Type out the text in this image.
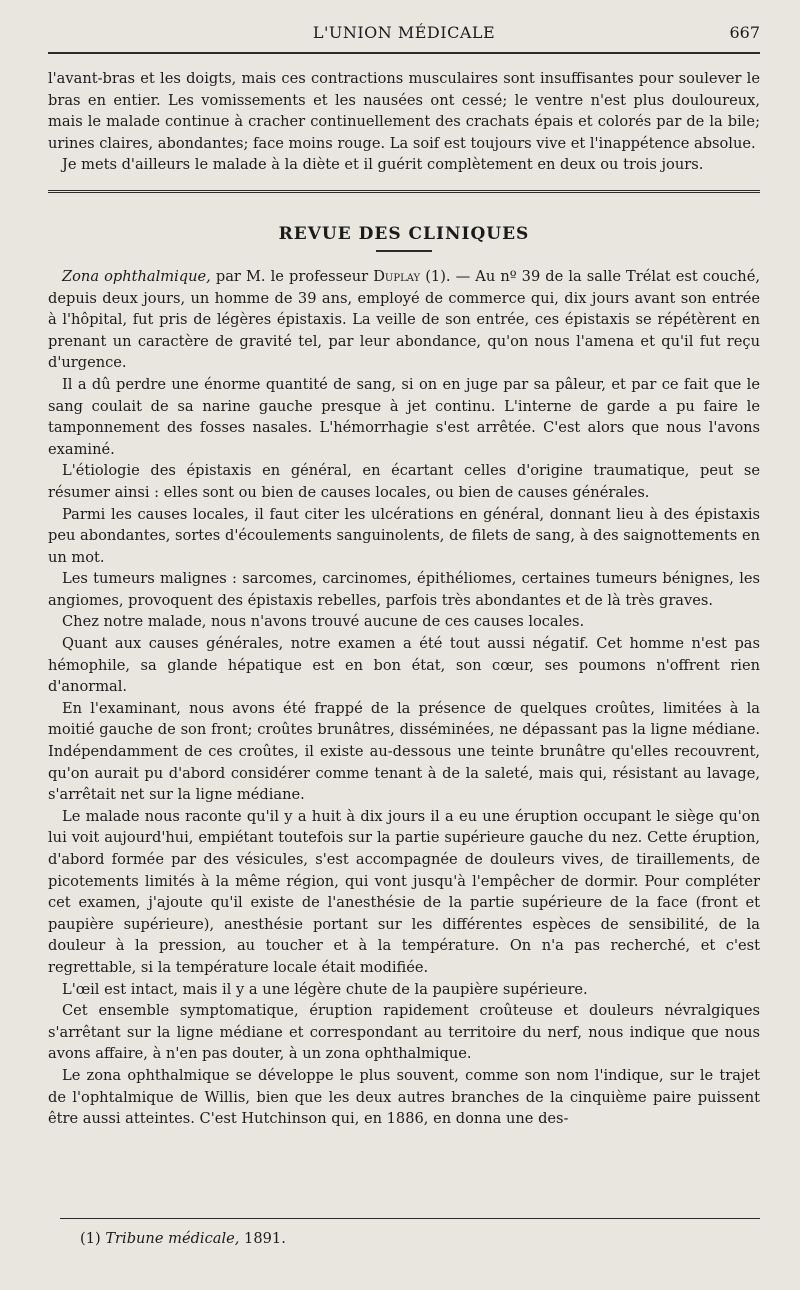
L'UNION MÉDICALE	667

l'avant-bras et les doigts, mais ces contractions musculaires sont insuffisantes pour soulever le bras en entier. Les vomissements et les nausées ont cessé; le ventre n'est plus douloureux, mais le malade continue à cracher continuellement des crachats épais et colorés par de la bile; urines claires, abondantes; face moins rouge. La soif est toujours vive et l'inappétence absolue.

Je mets d'ailleurs le malade à la diète et il guérit complètement en deux ou trois jours.

REVUE DES CLINIQUES

Zona ophthalmique, par M. le professeur Duplay (1). — Au nº 39 de la salle Trélat est couché, depuis deux jours, un homme de 39 ans, employé de commerce qui, dix jours avant son entrée à l'hôpital, fut pris de légères épistaxis. La veille de son entrée, ces épistaxis se répétèrent en prenant un caractère de gravité tel, par leur abondance, qu'on nous l'amena et qu'il fut reçu d'urgence.

Il a dû perdre une énorme quantité de sang, si on en juge par sa pâleur, et par ce fait que le sang coulait de sa narine gauche presque à jet continu. L'interne de garde a pu faire le tamponnement des fosses nasales. L'hémorrhagie s'est arrêtée. C'est alors que nous l'avons examiné.

L'étiologie des épistaxis en général, en écartant celles d'origine traumatique, peut se résumer ainsi : elles sont ou bien de causes locales, ou bien de causes générales.

Parmi les causes locales, il faut citer les ulcérations en général, donnant lieu à des épistaxis peu abondantes, sortes d'écoulements sanguinolents, de filets de sang, à des saignottements en un mot.

Les tumeurs malignes : sarcomes, carcinomes, épithéliomes, certaines tumeurs bénignes, les angiomes, provoquent des épistaxis rebelles, parfois très abondantes et de là très graves.

Chez notre malade, nous n'avons trouvé aucune de ces causes locales.

Quant aux causes générales, notre examen a été tout aussi négatif. Cet homme n'est pas hémophile, sa glande hépatique est en bon état, son cœur, ses poumons n'offrent rien d'anormal.

En l'examinant, nous avons été frappé de la présence de quelques croûtes, limitées à la moitié gauche de son front; croûtes brunâtres, disséminées, ne dépassant pas la ligne médiane. Indépendamment de ces croûtes, il existe au-dessous une teinte brunâtre qu'elles recouvrent, qu'on aurait pu d'abord considérer comme tenant à de la saleté, mais qui, résistant au lavage, s'arrêtait net sur la ligne médiane.

Le malade nous raconte qu'il y a huit à dix jours il a eu une éruption occupant le siège qu'on lui voit aujourd'hui, empiétant toutefois sur la partie supérieure gauche du nez. Cette éruption, d'abord formée par des vésicules, s'est accompagnée de douleurs vives, de tiraillements, de picotements limités à la même région, qui vont jusqu'à l'empêcher de dormir. Pour compléter cet examen, j'ajoute qu'il existe de l'anesthésie de la partie supérieure de la face (front et paupière supérieure), anesthésie portant sur les différentes espèces de sensibilité, de la douleur à la pression, au toucher et à la température. On n'a pas recherché, et c'est regrettable, si la température locale était modifiée.

L'œil est intact, mais il y a une légère chute de la paupière supérieure.

Cet ensemble symptomatique, éruption rapidement croûteuse et douleurs névralgiques s'arrêtant sur la ligne médiane et correspondant au territoire du nerf, nous indique que nous avons affaire, à n'en pas douter, à un zona ophthalmique.

Le zona ophthalmique se développe le plus souvent, comme son nom l'indique, sur le trajet de l'ophtalmique de Willis, bien que les deux autres branches de la cinquième paire puissent être aussi atteintes. C'est Hutchinson qui, en 1886, en donna une des-

(1) Tribune médicale, 1891.
